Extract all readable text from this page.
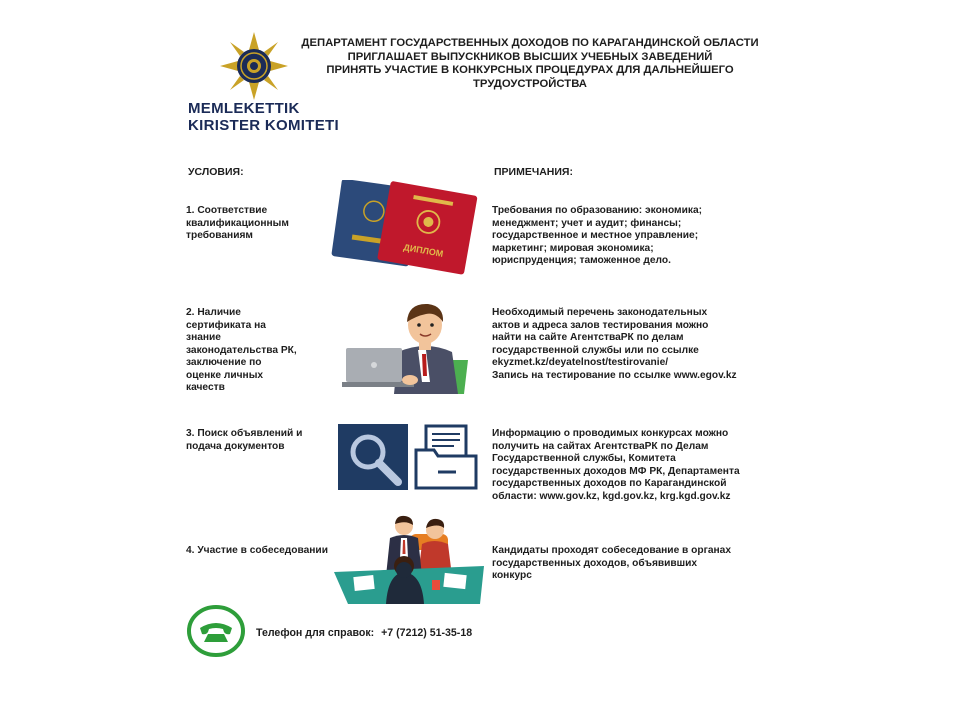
MEMLEKETTIK
KIRISTER KOMITETI
ДЕПАРТАМЕНТ ГОСУДАРСТВЕННЫХ ДОХОДОВ ПО КАРАГАНДИНСКОЙ ОБЛАСТИ
ПРИГЛАШАЕТ ВЫПУСКНИКОВ ВЫСШИХ УЧЕБНЫХ ЗАВЕДЕНИЙ
ПРИНЯТЬ УЧАСТИЕ В КОНКУРСНЫХ ПРОЦЕДУРАХ ДЛЯ ДАЛЬНЕЙШЕГО
ТРУДОУСТРОЙСТВА
УСЛОВИЯ:	ПРИМЕЧАНИЯ:
1. Соответствие
квалификационным
требованиям
ДИПЛОМ
Требования по образованию: экономика;
менеджмент; учет и аудит; финансы;
государственное и местное управление;
маркетинг; мировая экономика;
юриспруденция; таможенное дело.
2. Наличие
сертификата на
знание
законодательства РК,
заключение по
оценке личных
качеств
Необходимый перечень законодательных
актов и адреса залов тестирования можно
найти на сайте АгентстваРК по делам
государственной службы или по ссылке
ekyzmet.kz/deyatelnost/testirovanie/
Запись на тестирование по ссылке www.egov.kz
3. Поиск объявлений и
подача документов
Информацию о проводимых конкурсах можно
получить на сайтах АгентстваРК по Делам
Государственной службы, Комитета
государственных доходов МФ РК, Департамента
государственных доходов по Карагандинской
области: www.gov.kz, kgd.gov.kz, krg.kgd.gov.kz
4. Участие в собеседовании	Кандидаты проходят собеседование в органах
государственных доходов, объявивших
конкурс
Телефон для справок: +7 (7212) 51-35-18
